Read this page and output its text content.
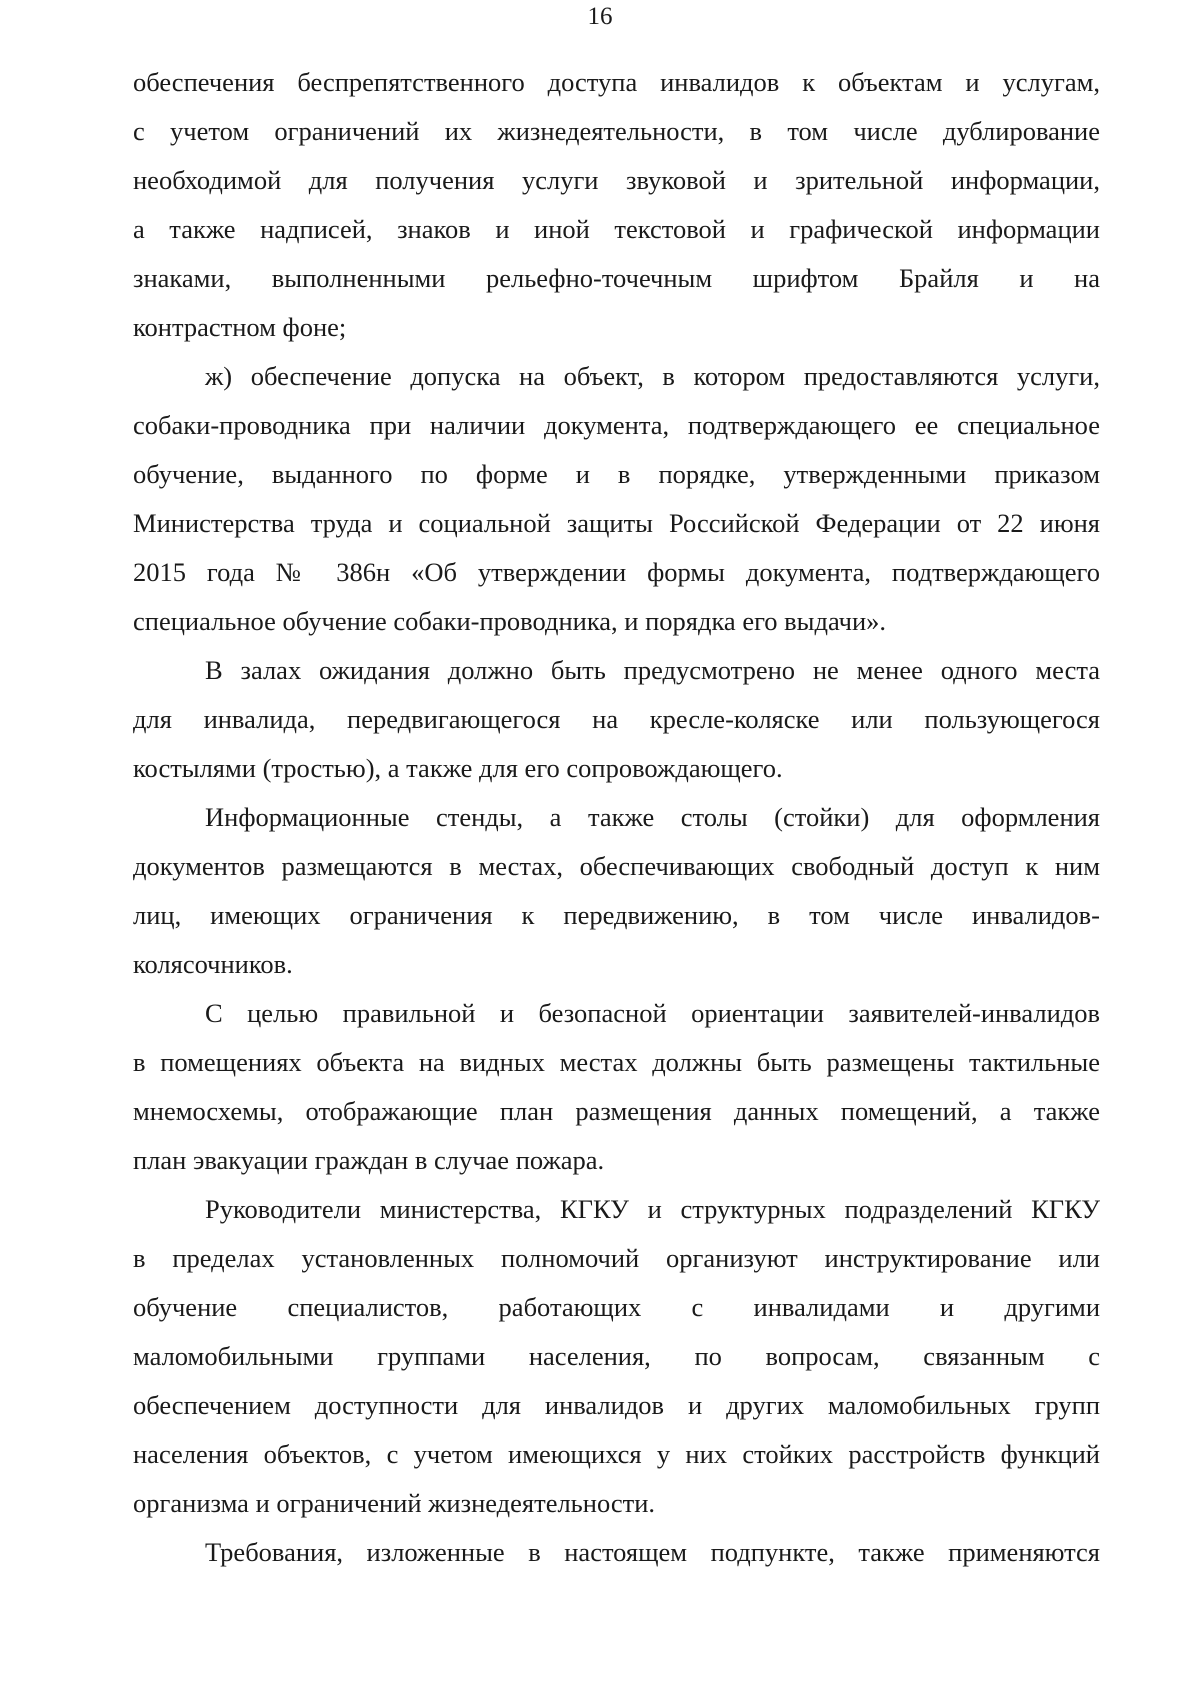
16
обеспечения беспрепятственного доступа инвалидов к объектам и услугам,
с учетом ограничений их жизнедеятельности, в том числе дублирование
необходимой для получения услуги звуковой и зрительной информации,
а также надписей, знаков и иной текстовой и графической информации
знаками, выполненными рельефно-точечным шрифтом Брайля и на
контрастном фоне;
ж) обеспечение допуска на объект, в котором предоставляются услуги,
собаки-проводника при наличии документа, подтверждающего ее специальное
обучение, выданного по форме и в порядке, утвержденными приказом
Министерства труда и социальной защиты Российской Федерации от 22 июня
2015 года № 386н «Об утверждении формы документа, подтверждающего
специальное обучение собаки-проводника, и порядка его выдачи».
В залах ожидания должно быть предусмотрено не менее одного места
для инвалида, передвигающегося на кресле-коляске или пользующегося
костылями (тростью), а также для его сопровождающего.
Информационные стенды, а также столы (стойки) для оформления
документов размещаются в местах, обеспечивающих свободный доступ к ним
лиц, имеющих ограничения к передвижению, в том числе инвалидов-
колясочников.
С целью правильной и безопасной ориентации заявителей-инвалидов
в помещениях объекта на видных местах должны быть размещены тактильные
мнемосхемы, отображающие план размещения данных помещений, а также
план эвакуации граждан в случае пожара.
Руководители министерства, КГКУ и структурных подразделений КГКУ
в пределах установленных полномочий организуют инструктирование или
обучение специалистов, работающих с инвалидами и другими
маломобильными группами населения, по вопросам, связанным с
обеспечением доступности для инвалидов и других маломобильных групп
населения объектов, с учетом имеющихся у них стойких расстройств функций
организма и ограничений жизнедеятельности.
Требования, изложенные в настоящем подпункте, также применяются
